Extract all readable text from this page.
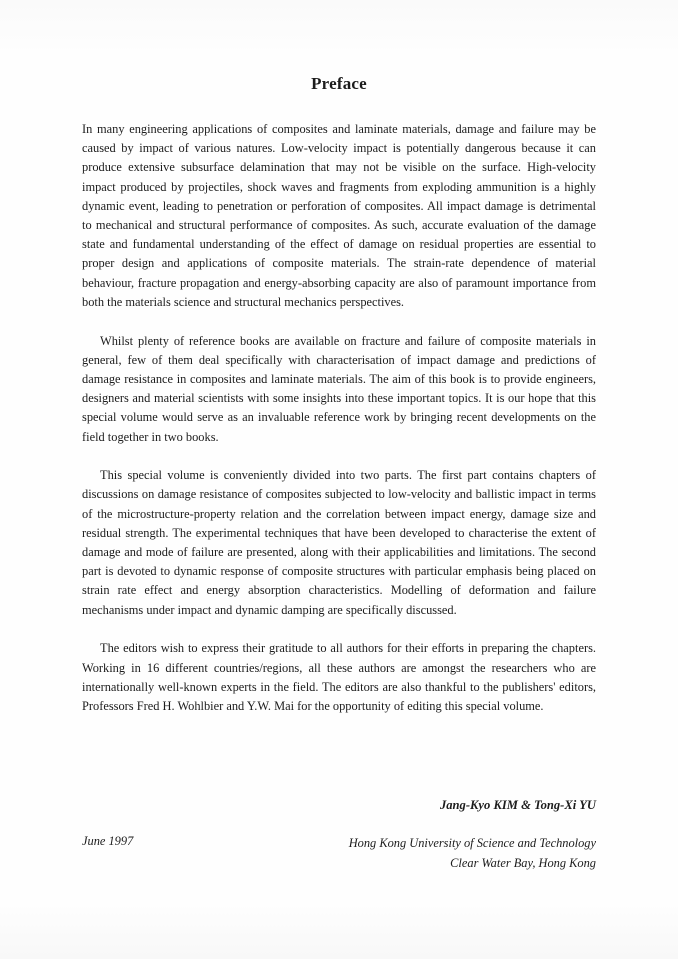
Preface

In many engineering applications of composites and laminate materials, damage and failure may be caused by impact of various natures. Low-velocity impact is potentially dangerous because it can produce extensive subsurface delamination that may not be visible on the surface. High-velocity impact produced by projectiles, shock waves and fragments from exploding ammunition is a highly dynamic event, leading to penetration or perforation of composites. All impact damage is detrimental to mechanical and structural performance of composites. As such, accurate evaluation of the damage state and fundamental understanding of the effect of damage on residual properties are essential to proper design and applications of composite materials. The strain-rate dependence of material behaviour, fracture propagation and energy-absorbing capacity are also of paramount importance from both the materials science and structural mechanics perspectives.

Whilst plenty of reference books are available on fracture and failure of composite materials in general, few of them deal specifically with characterisation of impact damage and predictions of damage resistance in composites and laminate materials. The aim of this book is to provide engineers, designers and material scientists with some insights into these important topics. It is our hope that this special volume would serve as an invaluable reference work by bringing recent developments on the field together in two books.

This special volume is conveniently divided into two parts. The first part contains chapters of discussions on damage resistance of composites subjected to low-velocity and ballistic impact in terms of the microstructure-property relation and the correlation between impact energy, damage size and residual strength. The experimental techniques that have been developed to characterise the extent of damage and mode of failure are presented, along with their applicabilities and limitations. The second part is devoted to dynamic response of composite structures with particular emphasis being placed on strain rate effect and energy absorption characteristics. Modelling of deformation and failure mechanisms under impact and dynamic damping are specifically discussed.

The editors wish to express their gratitude to all authors for their efforts in preparing the chapters. Working in 16 different countries/regions, all these authors are amongst the researchers who are internationally well-known experts in the field. The editors are also thankful to the publishers' editors, Professors Fred H. Wohlbier and Y.W. Mai for the opportunity of editing this special volume.

Jang-Kyo KIM & Tong-Xi YU
June 1997	Hong Kong University of Science and Technology
Clear Water Bay, Hong Kong
